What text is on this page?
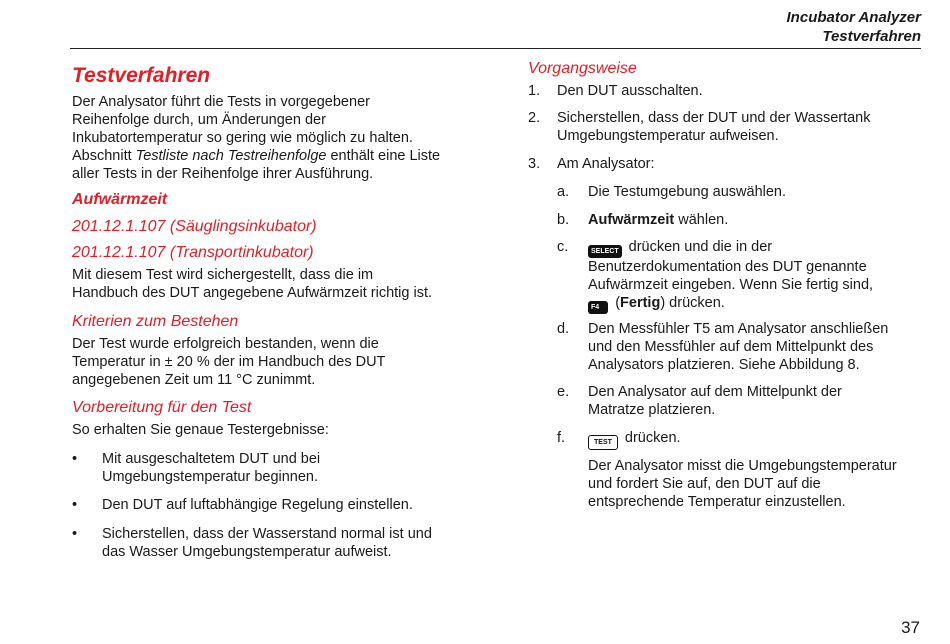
Incubator Analyzer
Testverfahren
Testverfahren
Der Analysator führt die Tests in vorgegebener
Reihenfolge durch, um Änderungen der
Inkubatortemperatur so gering wie möglich zu halten.
Abschnitt Testliste nach Testreihenfolge enthält eine Liste
aller Tests in der Reihenfolge ihrer Ausführung.
Aufwärmzeit
201.12.1.107 (Säuglingsinkubator)
201.12.1.107 (Transportinkubator)
Mit diesem Test wird sichergestellt, dass die im
Handbuch des DUT angegebene Aufwärmzeit richtig ist.
Kriterien zum Bestehen
Der Test wurde erfolgreich bestanden, wenn die
Temperatur in ± 20 % der im Handbuch des DUT
angegebenen Zeit um 11 °C zunimmt.
Vorbereitung für den Test
So erhalten Sie genaue Testergebnisse:
• Mit ausgeschaltetem DUT und bei
Umgebungstemperatur beginnen.
• Den DUT auf luftabhängige Regelung einstellen.
• Sicherstellen, dass der Wasserstand normal ist und
das Wasser Umgebungstemperatur aufweist.
Vorgangsweise
1. Den DUT ausschalten.
2. Sicherstellen, dass der DUT und der Wassertank
Umgebungstemperatur aufweisen.
3. Am Analysator:
a. Die Testumgebung auswählen.
b. Aufwärmzeit wählen.
c.	SELECT drücken und die in der
Benutzerdokumentation des DUT genannte
Aufwärmzeit eingeben. Wenn Sie fertig sind,
F4 (Fertig) drücken.
d. Den Messfühler T5 am Analysator anschließen
und den Messfühler auf dem Mittelpunkt des
Analysators platzieren. Siehe Abbildung 8.
e. Den Analysator auf dem Mittelpunkt der
Matratze platzieren.
f.	TEST drücken.
Der Analysator misst die Umgebungstemperatur
und fordert Sie auf, den DUT auf die
entsprechende Temperatur einzustellen.
37
